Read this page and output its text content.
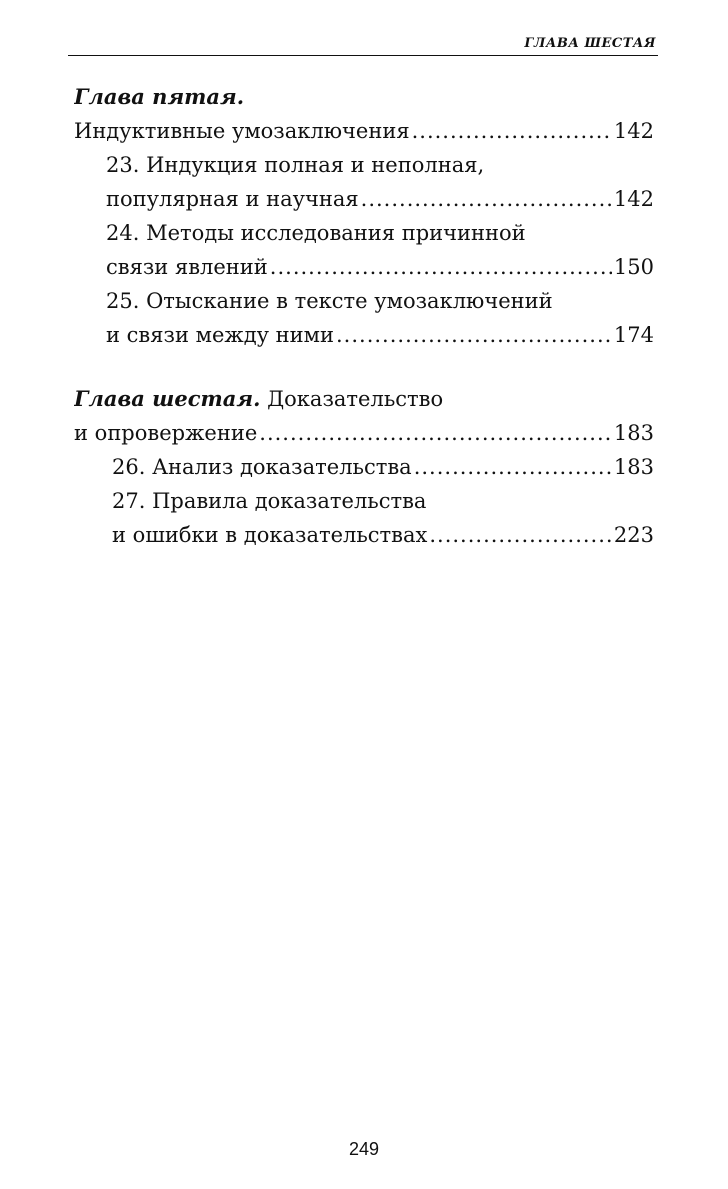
ГЛАВА ШЕСТАЯ
Глава пятая.
Индуктивные умозаключения .....	142
23. Индукция полная и неполная,
популярная и научная .....	142
24. Методы исследования причинной
связи явлений .....	150
25. Отыскание в тексте умозаключений
и связи между ними .....	174
Глава шестая. Доказательство
и опровержение .....	183
26. Анализ доказательства .....	183
27. Правила доказательства
и ошибки в доказательствах .....	223
249
